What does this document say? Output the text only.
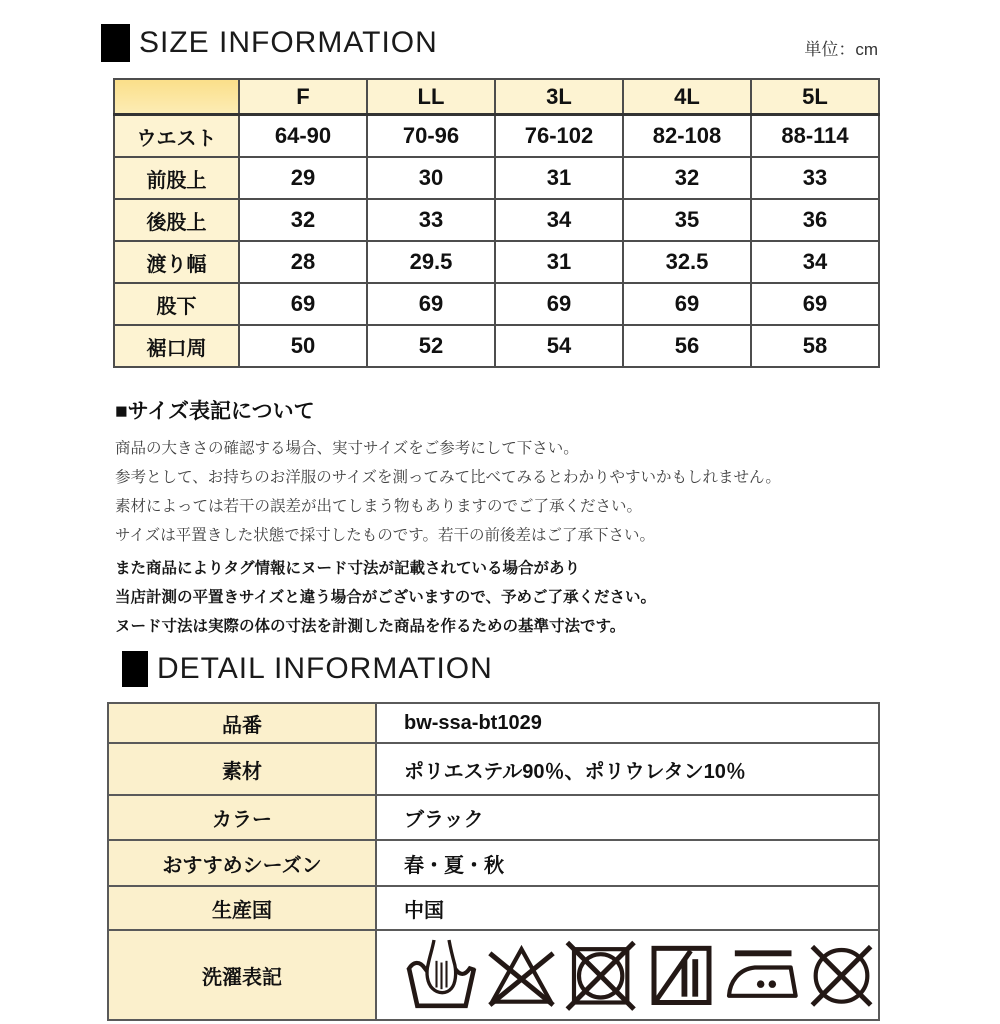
SIZE INFORMATION	単位：cm
	F	LL	3L	4L	5L
ウエスト	64-90	70-96	76-102	82-108	88-114
前股上	29	30	31	32	33
後股上	32	33	34	35	36
渡り幅	28	29.5	31	32.5	34
股下	69	69	69	69	69
裾口周	50	52	54	56	58
■サイズ表記について
商品の大きさの確認する場合、実寸サイズをご参考にして下さい。
参考として、お持ちのお洋服のサイズを測ってみて比べてみるとわかりやすいかもしれません。
素材によっては若干の誤差が出てしまう物もありますのでご了承ください。
サイズは平置きした状態で採寸したものです。若干の前後差はご了承下さい。
また商品によりタグ情報にヌード寸法が記載されている場合があり
当店計測の平置きサイズと違う場合がございますので、予めご了承ください。
ヌード寸法は実際の体の寸法を計測した商品を作るための基準寸法です。
DETAIL INFORMATION
品番	bw-ssa-bt1029
素材	ポリエステル90％、ポリウレタン10％
カラー	ブラック
おすすめシーズン	春・夏・秋
生産国	中国
洗濯表記	
